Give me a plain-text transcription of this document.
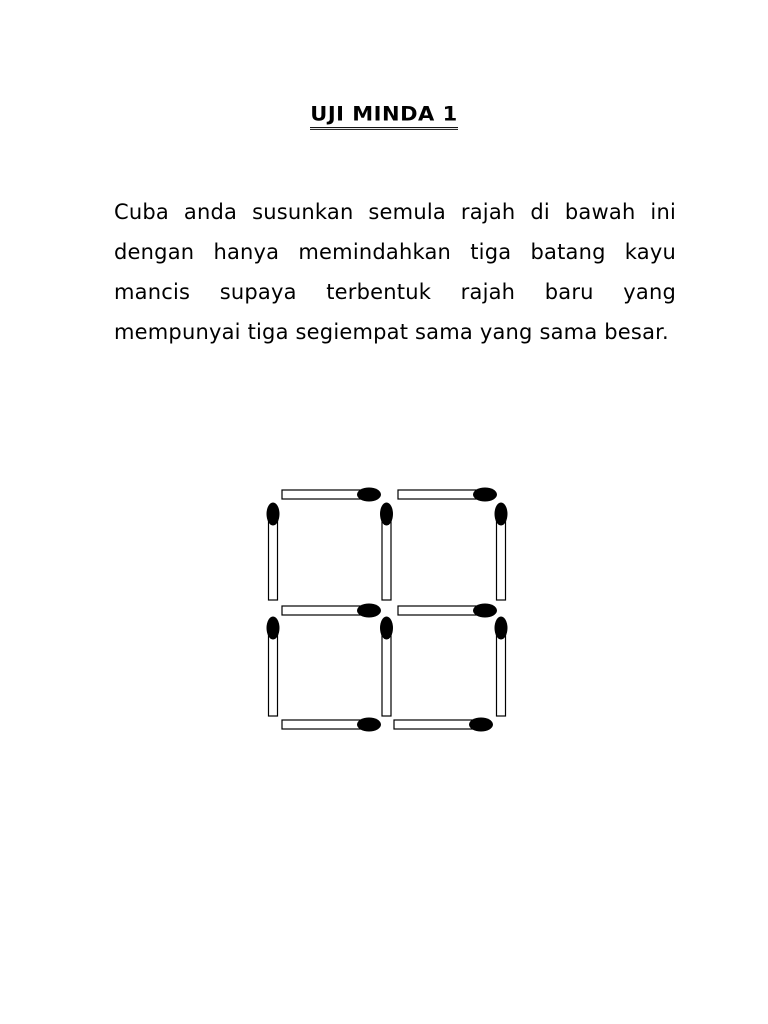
UJI MINDA 1

Cuba anda susunkan semula rajah di bawah ini dengan hanya memindahkan tiga batang kayu mancis supaya terbentuk rajah baru yang mempunyai tiga segiempat sama yang sama besar.
